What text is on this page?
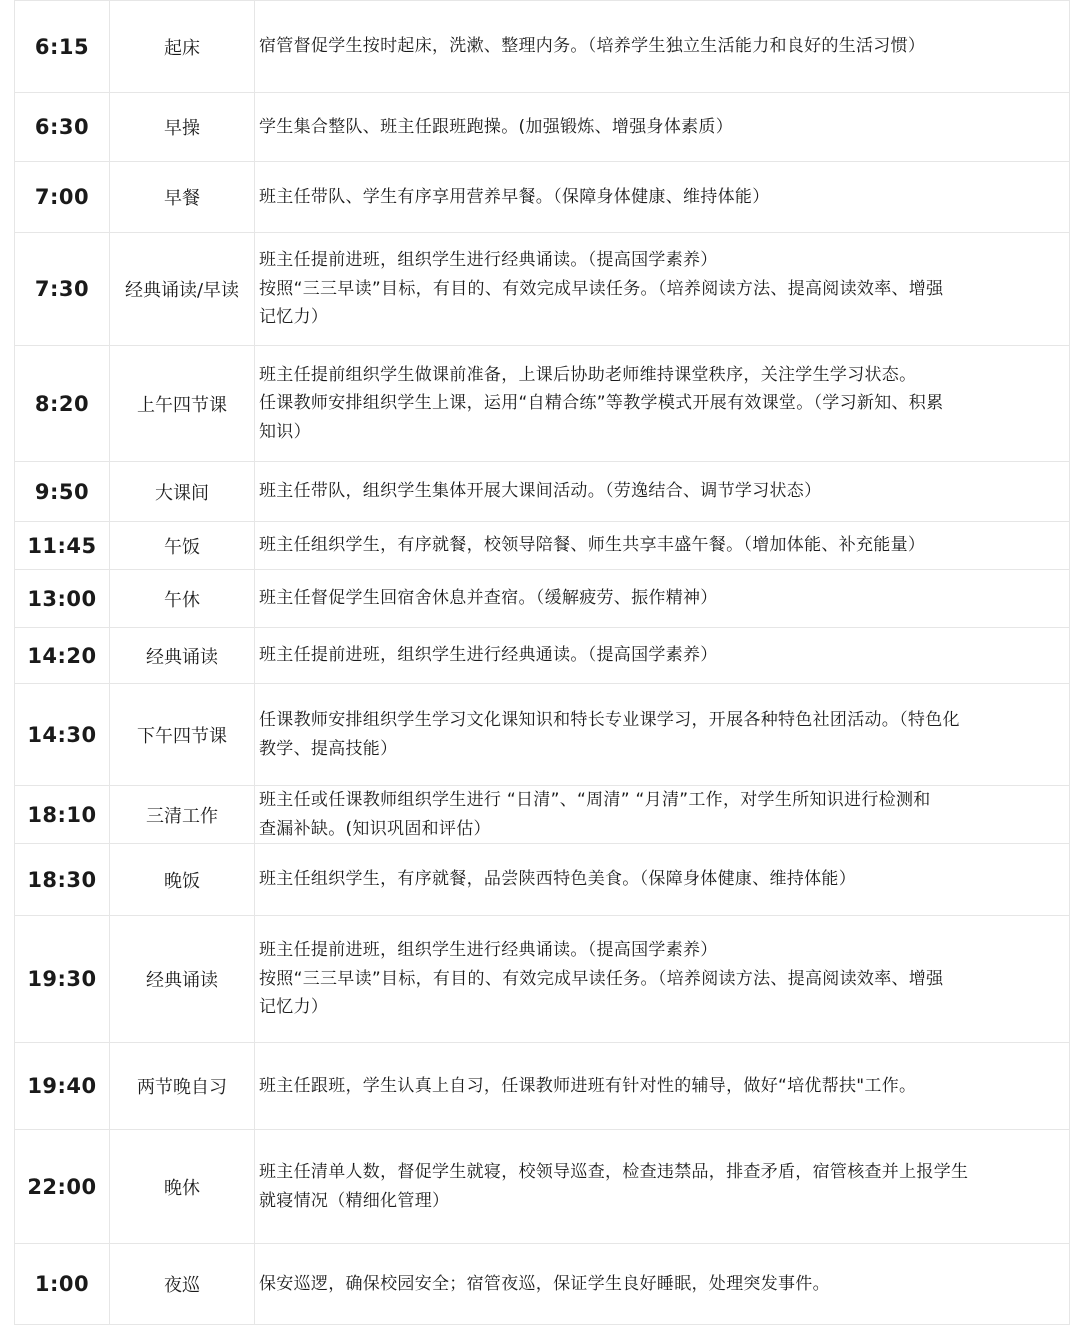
6:15	起床	宿管督促学生按时起床，洗漱、整理内务。（培养学生独立生活能力和良好的生活习惯）

6:30	早操	学生集合整队、班主任跟班跑操。(加强锻炼、增强身体素质）

7:00	早餐	班主任带队、学生有序享用营养早餐。（保障身体健康、维持体能）

7:30	经典诵读/早读	班主任提前进班，组织学生进行经典诵读。（提高国学素养）
按照“三三早读”目标，有目的、有效完成早读任务。（培养阅读方法、提高阅读效率、增强
记忆力）

8:20	上午四节课	班主任提前组织学生做课前准备，上课后协助老师维持课堂秩序，关注学生学习状态。
任课教师安排组织学生上课，运用“自精合练”等教学模式开展有效课堂。（学习新知、积累
知识）

9:50	大课间	班主任带队，组织学生集体开展大课间活动。（劳逸结合、调节学习状态）

11:45	午饭	班主任组织学生，有序就餐，校领导陪餐、师生共享丰盛午餐。（增加体能、补充能量）

13:00	午休	班主任督促学生回宿舍休息并查宿。（缓解疲劳、振作精神）

14:20	经典诵读	班主任提前进班，组织学生进行经典通读。（提高国学素养）

14:30	下午四节课	任课教师安排组织学生学习文化课知识和特长专业课学习，开展各种特色社团活动。（特色化
教学、提高技能）

18:10	三清工作	班主任或任课教师组织学生进行 “日清”、“周清” “月清”工作，对学生所知识进行检测和
查漏补缺。(知识巩固和评估）

18:30	晚饭	班主任组织学生，有序就餐，品尝陕西特色美食。（保障身体健康、维持体能）

19:30	经典诵读	班主任提前进班，组织学生进行经典诵读。（提高国学素养）
按照“三三早读”目标，有目的、有效完成早读任务。（培养阅读方法、提高阅读效率、增强
记忆力）

19:40	两节晚自习	班主任跟班，学生认真上自习，任课教师进班有针对性的辅导，做好“培优帮扶"工作。

22:00	晚休	班主任清单人数，督促学生就寝，校领导巡查，检查违禁品，排查矛盾，宿管核查并上报学生
就寝情况（精细化管理）

1:00	夜巡	保安巡逻，确保校园安全；宿管夜巡，保证学生良好睡眠，处理突发事件。
